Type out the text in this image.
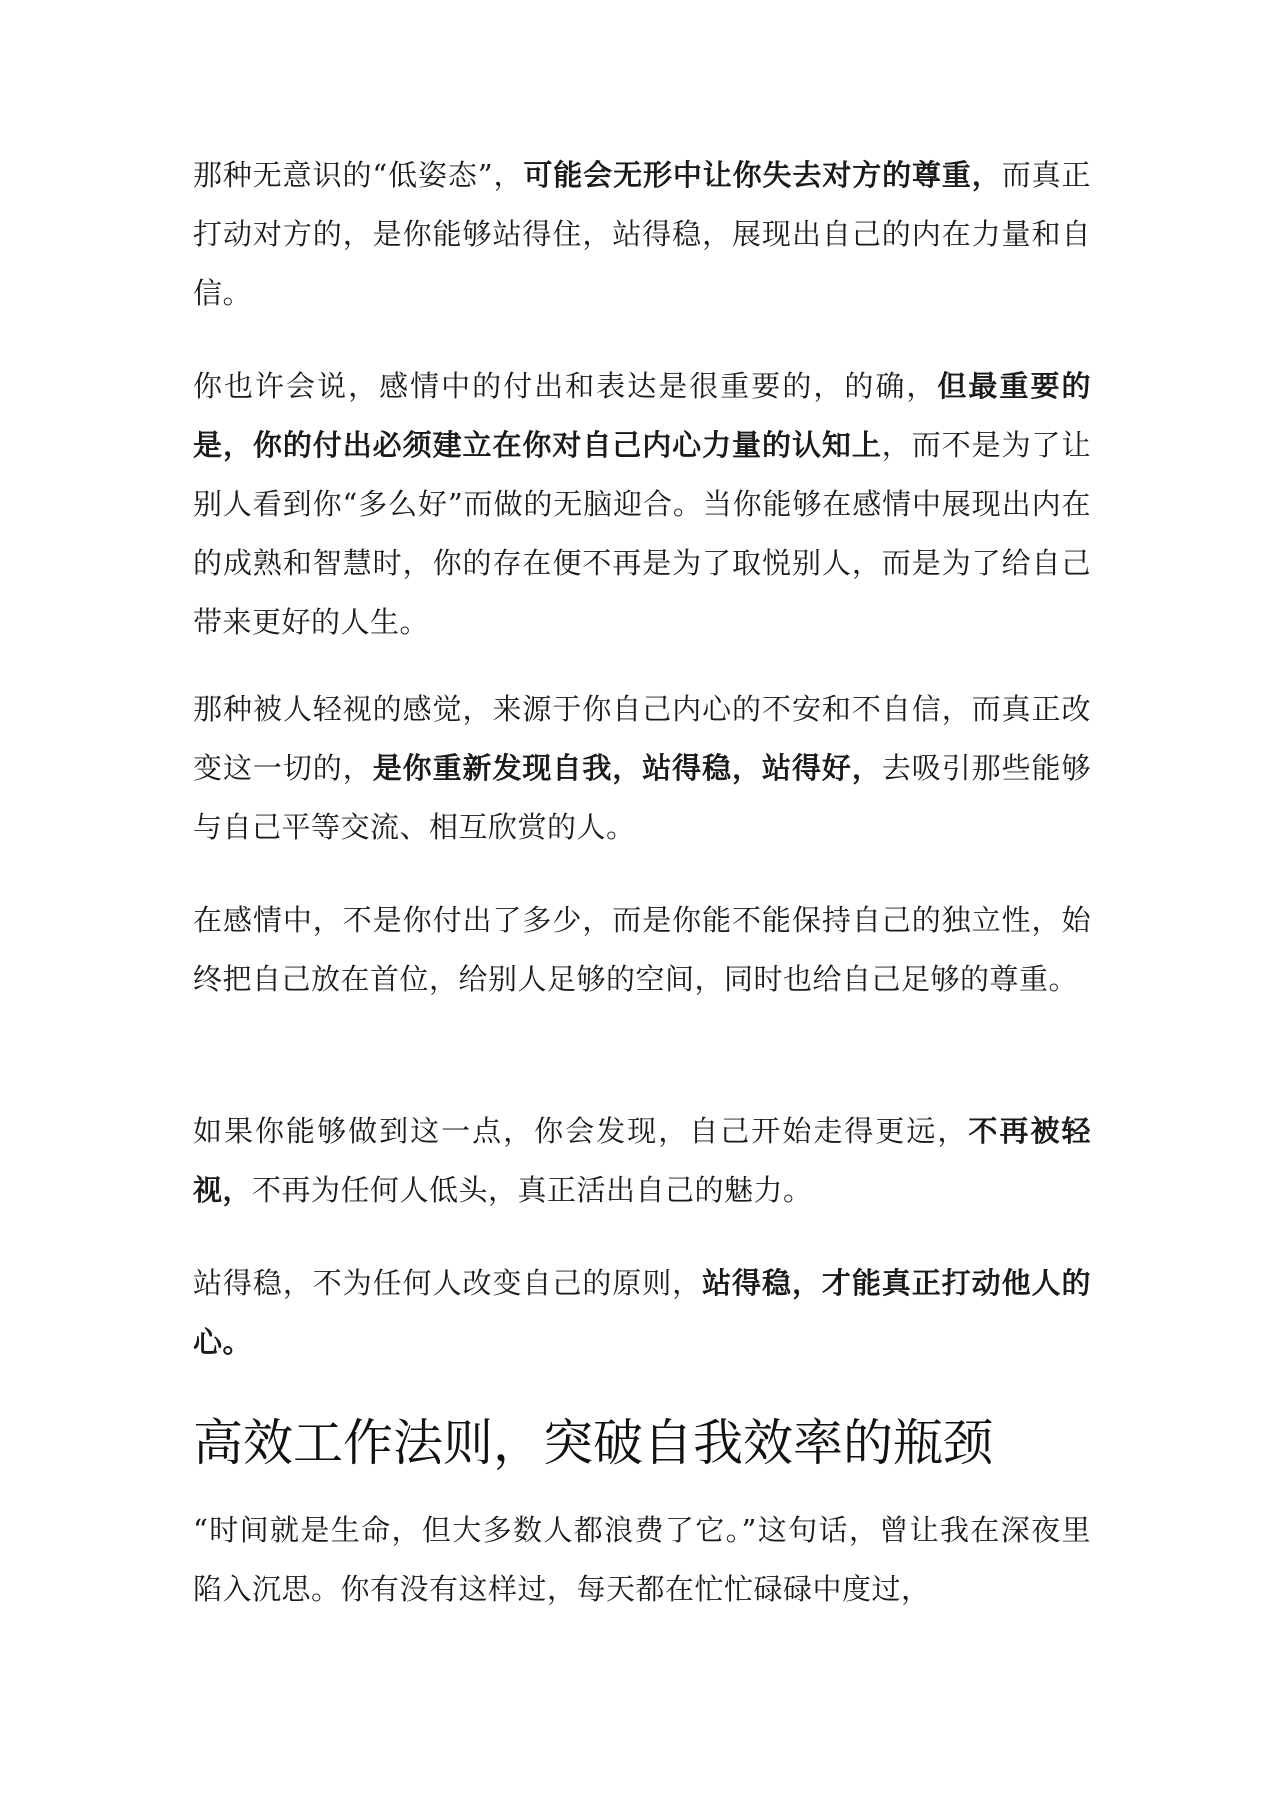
那种无意识的“低姿态”，可能会无形中让你失去对方的尊重，而真正打动对方的，是你能够站得住，站得稳，展现出自己的内在力量和自信。

你也许会说，感情中的付出和表达是很重要的，的确，但最重要的是，你的付出必须建立在你对自己内心力量的认知上，而不是为了让别人看到你“多么好”而做的无脑迎合。当你能够在感情中展现出内在的成熟和智慧时，你的存在便不再是为了取悦别人，而是为了给自己带来更好的人生。

那种被人轻视的感觉，来源于你自己内心的不安和不自信，而真正改变这一切的，是你重新发现自我，站得稳，站得好，去吸引那些能够与自己平等交流、相互欣赏的人。

在感情中，不是你付出了多少，而是你能不能保持自己的独立性，始终把自己放在首位，给别人足够的空间，同时也给自己足够的尊重。

如果你能够做到这一点，你会发现，自己开始走得更远，不再被轻视，不再为任何人低头，真正活出自己的魅力。

站得稳，不为任何人改变自己的原则，站得稳，才能真正打动他人的心。

高效工作法则，突破自我效率的瓶颈

“时间就是生命，但大多数人都浪费了它。”这句话，曾让我在深夜里陷入沉思。你有没有这样过，每天都在忙忙碌碌中度过，
